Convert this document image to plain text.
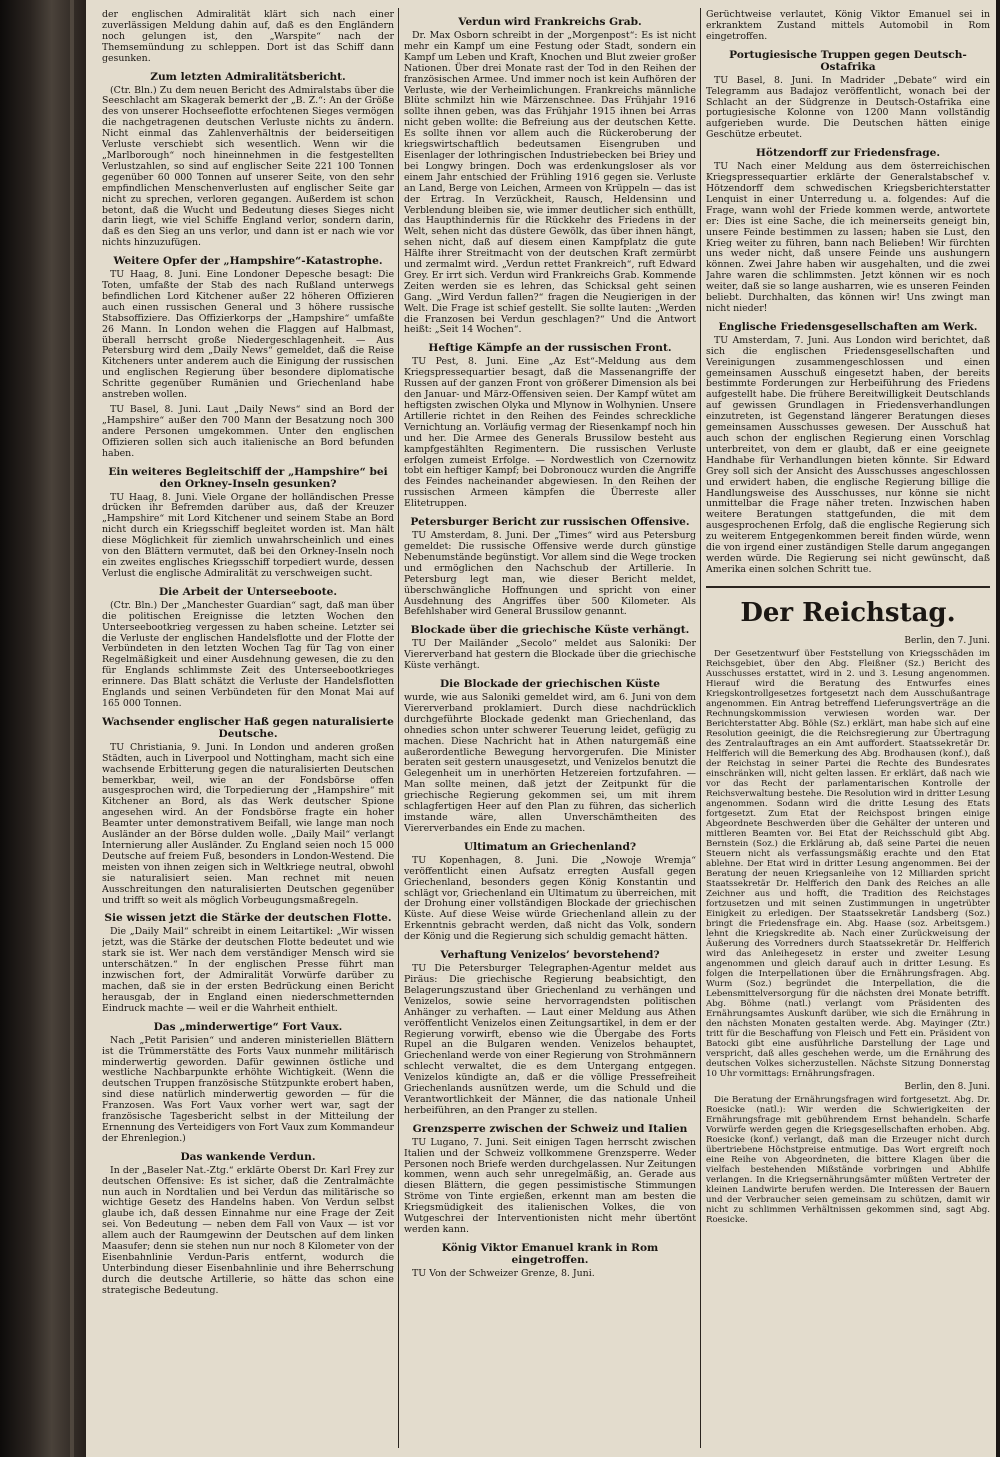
der englischen Admiralität klärt sich nach einer zuverlässigen Meldung dahin auf, daß es den Engländern noch gelungen ist, den „Warspite“ nach der Themsemündung zu schleppen. Dort ist das Schiff dann gesunken.

Zum letzten Admiralitätsbericht.

(Ctr. Bln.) Zu dem neuen Bericht des Admiralstabs über die Seeschlacht am Skagerak bemerkt der „B. Z.“: An der Größe des von unserer Hochseeflotte erfochtenen Sieges vermögen die nachgetragenen deutschen Verluste nichts zu ändern. Nicht einmal das Zahlenverhältnis der beiderseitigen Verluste verschiebt sich wesentlich. Wenn wir die „Marlborough“ noch hineinnehmen in die festgestellten Verlustzahlen, so sind auf englischer Seite 221 100 Tonnen gegenüber 60 000 Tonnen auf unserer Seite, von den sehr empfindlichen Menschenverlusten auf englischer Seite gar nicht zu sprechen, verloren gegangen. Außerdem ist schon betont, daß die Wucht und Bedeutung dieses Sieges nicht darin liegt, wie viel Schiffe England verlor, sondern darin, daß es den Sieg an uns verlor, und dann ist er nach wie vor nichts hinzuzufügen.

Weitere Opfer der „Hampshire“-Katastrophe.

TU Haag, 8. Juni. Eine Londoner Depesche besagt: Die Toten, umfaßte der Stab des nach Rußland unterwegs befindlichen Lord Kitchener außer 22 höheren Offizieren auch einen russischen General und 3 höhere russische Stabsoffiziere. Das Offizierkorps der „Hampshire“ umfaßte 26 Mann. In London wehen die Flaggen auf Halbmast, überall herrscht große Niedergeschlagenheit. — Aus Petersburg wird dem „Daily News“ gemeldet, daß die Reise Kitcheners unter anderem auch die Einigung der russischen und englischen Regierung über besondere diplomatische Schritte gegenüber Rumänien und Griechenland habe anstreben wollen.

TU Basel, 8. Juni. Laut „Daily News“ sind an Bord der „Hampshire“ außer den 700 Mann der Besatzung noch 300 andere Personen umgekommen. Unter den englischen Offizieren sollen sich auch italienische an Bord befunden haben.

Ein weiteres Begleitschiff der „Hampshire“ bei den Orkney-Inseln gesunken?

TU Haag, 8. Juni. Viele Organe der holländischen Presse drücken ihr Befremden darüber aus, daß der Kreuzer „Hampshire“ mit Lord Kitchener und seinem Stabe an Bord nicht durch ein Kriegsschiff begleitet worden ist. Man hält diese Möglichkeit für ziemlich unwahrscheinlich und eines von den Blättern vermutet, daß bei den Orkney-Inseln noch ein zweites englisches Kriegsschiff torpediert wurde, dessen Verlust die englische Admiralität zu verschweigen sucht.

Die Arbeit der Unterseeboote.

(Ctr. Bln.) Der „Manchester Guardian“ sagt, daß man über die politischen Ereignisse die letzten Wochen den Unterseebootkrieg vergessen zu haben scheine. Letzter sei die Verluste der englischen Handelsflotte und der Flotte der Verbündeten in den letzten Wochen Tag für Tag von einer Regelmäßigkeit und einer Ausdehnung gewesen, die zu den für Englands schlimmste Zeit des Unterseebootkrieges erinnere. Das Blatt schätzt die Verluste der Handelsflotten Englands und seinen Verbündeten für den Monat Mai auf 165 000 Tonnen.

Wachsender englischer Haß gegen naturalisierte Deutsche.

TU Christiania, 9. Juni. In London und anderen großen Städten, auch in Liverpool und Nottingham, macht sich eine wachsende Erbitterung gegen die naturalisierten Deutschen bemerkbar, weil, wie an der Fondsbörse offen ausgesprochen wird, die Torpedierung der „Hampshire“ mit Kitchener an Bord, als das Werk deutscher Spione angesehen wird. An der Fondsbörse fragte ein hoher Beamter unter demonstrativem Beifall, wie lange man noch Ausländer an der Börse dulden wolle. „Daily Mail“ verlangt Internierung aller Ausländer. Zu England seien noch 15 000 Deutsche auf freiem Fuß, besonders in London-Westend. Die meisten von ihnen zeigen sich in Weltkriege neutral, obwohl sie naturalisiert seien. Man rechnet mit neuen Ausschreitungen den naturalisierten Deutschen gegenüber und trifft so weit als möglich Vorbeugungsmaßregeln.

Sie wissen jetzt die Stärke der deutschen Flotte.

Die „Daily Mail“ schreibt in einem Leitartikel: „Wir wissen jetzt, was die Stärke der deutschen Flotte bedeutet und wie stark sie ist. Wer nach dem verständiger Mensch wird sie unterschätzen.“ In der englischen Presse führt man inzwischen fort, der Admiralität Vorwürfe darüber zu machen, daß sie in der ersten Bedrückung einen Bericht herausgab, der in England einen niederschmetternden Eindruck machte — weil er die Wahrheit enthielt.

Das „minderwertige“ Fort Vaux.

Nach „Petit Parisien“ und anderen ministeriellen Blättern ist die Trümmerstätte des Forts Vaux nunmehr militärisch minderwertig geworden. Dafür gewinnen östliche und westliche Nachbarpunkte erhöhte Wichtigkeit. (Wenn die deutschen Truppen französische Stützpunkte erobert haben, sind diese natürlich minderwertig geworden — für die Franzosen. Was Fort Vaux vorher wert war, sagt der französische Tagesbericht selbst in der Mitteilung der Ernennung des Verteidigers von Fort Vaux zum Kommandeur der Ehrenlegion.)

Das wankende Verdun.

In der „Baseler Nat.-Ztg.“ erklärte Oberst Dr. Karl Frey zur deutschen Offensive: Es ist sicher, daß die Zentralmächte nun auch in Nordtalien und bei Verdun das militärische so wichtige Gesetz des Handelns haben. Von Verdun selbst glaube ich, daß dessen Einnahme nur eine Frage der Zeit sei. Von Bedeutung — neben dem Fall von Vaux — ist vor allem auch der Raumgewinn der Deutschen auf dem linken Maasufer; denn sie stehen nun nur noch 8 Kilometer von der Eisenbahnlinie Verdun-Paris entfernt, wodurch die Unterbindung dieser Eisenbahnlinie und ihre Beherrschung durch die deutsche Artillerie, so hätte das schon eine strategische Bedeutung.

Verdun wird Frankreichs Grab.

Dr. Max Osborn schreibt in der „Morgenpost“: Es ist nicht mehr ein Kampf um eine Festung oder Stadt, sondern ein Kampf um Leben und Kraft, Knochen und Blut zweier großer Nationen. Über drei Monate rast der Tod in den Reihen der französischen Armee. Und immer noch ist kein Aufhören der Verluste, wie der Verheimlichungen. Frankreichs männliche Blüte schmilzt hin wie Märzenschnee. Das Frühjahr 1916 sollte ihnen geben, was das Frühjahr 1915 ihnen bei Arras nicht geben wollte: die Befreiung aus der deutschen Kette. Es sollte ihnen vor allem auch die Rückeroberung der kriegswirtschaftlich bedeutsamen Eisengruben und Eisenlager der lothringischen Industriebecken bei Briey und bei Longwy bringen. Doch was erdenkungsloser als vor einem Jahr entschied der Frühling 1916 gegen sie. Verluste an Land, Berge von Leichen, Armeen von Krüppeln — das ist der Ertrag. In Verzückheit, Rausch, Heldensinn und Verblendung bleiben sie, wie immer deutlicher sich enthüllt, das Haupthindernis für die Rückkehr des Friedens in der Welt, sehen nicht das düstere Gewölk, das über ihnen hängt, sehen nicht, daß auf diesem einen Kampfplatz die gute Hälfte ihrer Streitmacht von der deutschen Kraft zermürbt und zermalmt wird. „Verdun rettet Frankreich“, ruft Edward Grey. Er irrt sich. Verdun wird Frankreichs Grab. Kommende Zeiten werden sie es lehren, das Schicksal geht seinen Gang. „Wird Verdun fallen?“ fragen die Neugierigen in der Welt. Die Frage ist schief gestellt. Sie sollte lauten: „Werden die Franzosen bei Verdun geschlagen?“ Und die Antwort heißt: „Seit 14 Wochen“.

Heftige Kämpfe an der russischen Front.

TU Pest, 8. Juni. Eine „Az Est“-Meldung aus dem Kriegspressequartier besagt, daß die Massenangriffe der Russen auf der ganzen Front von größerer Dimension als bei den Januar- und März-Offensiven seien. Der Kampf wütet am heftigsten zwischen Olyka und Mlynow in Wolhynien. Unsere Artillerie richtet in den Reihen des Feindes schreckliche Vernichtung an. Vorläufig vermag der Riesenkampf noch hin und her. Die Armee des Generals Brussilow besteht aus kampfgestählten Regimentern. Die russischen Verluste erfolgen zumeist Erfolge. — Nordwestlich von Czernowitz tobt ein heftiger Kampf; bei Dobronoucz wurden die Angriffe des Feindes nacheinander abgewiesen. In den Reihen der russischen Armeen kämpfen die Überreste aller Elitetruppen.

Petersburger Bericht zur russischen Offensive.

TU Amsterdam, 8. Juni. Der „Times“ wird aus Petersburg gemeldet: Die russische Offensive werde durch günstige Nebenumstände begünstigt. Vor allem sind die Wege trocken und ermöglichen den Nachschub der Artillerie. In Petersburg legt man, wie dieser Bericht meldet, überschwängliche Hoffnungen und spricht von einer Ausdehnung des Angriffes über 500 Kilometer. Als Befehlshaber wird General Brussilow genannt.

Blockade über die griechische Küste verhängt.

TU Der Mailänder „Secolo“ meldet aus Saloniki: Der Viererverband hat gestern die Blockade über die griechische Küste verhängt.

Die Blockade der griechischen Küste

wurde, wie aus Saloniki gemeldet wird, am 6. Juni von dem Viererverband proklamiert. Durch diese nachdrücklich durchgeführte Blockade gedenkt man Griechenland, das ohnedies schon unter schwerer Teuerung leidet, gefügig zu machen. Diese Nachricht hat in Athen naturgemäß eine außerordentliche Bewegung hervorgerufen. Die Minister beraten seit gestern unausgesetzt, und Venizelos benutzt die Gelegenheit um in unerhörten Hetzereien fortzufahren. — Man sollte meinen, daß jetzt der Zeitpunkt für die griechische Regierung gekommen sei, um mit ihrem schlagfertigen Heer auf den Plan zu führen, das sicherlich imstande wäre, allen Unverschämtheiten des Viererverbandes ein Ende zu machen.

Ultimatum an Griechenland?

TU Kopenhagen, 8. Juni. Die „Nowoje Wremja“ veröffentlicht einen Aufsatz erregten Ausfall gegen Griechenland, besonders gegen König Konstantin und schlägt vor, Griechenland ein Ultimatum zu überreichen, mit der Drohung einer vollständigen Blockade der griechischen Küste. Auf diese Weise würde Griechenland allein zu der Erkenntnis gebracht werden, daß nicht das Volk, sondern der König und die Regierung sich schuldig gemacht hätten.

Verhaftung Venizelos’ bevorstehend?

TU Die Petersburger Telegraphen-Agentur meldet aus Piräus: Die griechische Regierung beabsichtigt, den Belagerungszustand über Griechenland zu verhängen und Venizelos, sowie seine hervorragendsten politischen Anhänger zu verhaften. — Laut einer Meldung aus Athen veröffentlicht Venizelos einen Zeitungsartikel, in dem er der Regierung vorwirft, ebenso wie die Übergabe des Forts Rupel an die Bulgaren wenden. Venizelos behauptet, Griechenland werde von einer Regierung von Strohmännern schlecht verwaltet, die es dem Untergang entgegen. Venizelos kündigte an, daß er die völlige Pressefreiheit Griechenlands ausnützen werde, um die Schuld und die Verantwortlichkeit der Männer, die das nationale Unheil herbeiführen, an den Pranger zu stellen.

Grenzsperre zwischen der Schweiz und Italien

TU Lugano, 7. Juni. Seit einigen Tagen herrscht zwischen Italien und der Schweiz vollkommene Grenzsperre. Weder Personen noch Briefe werden durchgelassen. Nur Zeitungen kommen, wenn auch sehr unregelmäßig, an. Gerade aus diesen Blättern, die gegen pessimistische Stimmungen Ströme von Tinte ergießen, erkennt man am besten die Kriegsmüdigkeit des italienischen Volkes, die von Wutgeschrei der Interventionisten nicht mehr übertönt werden kann.

König Viktor Emanuel krank in Rom eingetroffen.

TU Von der Schweizer Grenze, 8. Juni.

Gerüchtweise verlautet, König Viktor Emanuel sei in erkranktem Zustand mittels Automobil in Rom eingetroffen.

Portugiesische Truppen gegen Deutsch-Ostafrika

TU Basel, 8. Juni. In Madrider „Debate“ wird ein Telegramm aus Badajoz veröffentlicht, wonach bei der Schlacht an der Südgrenze in Deutsch-Ostafrika eine portugiesische Kolonne von 1200 Mann vollständig aufgerieben wurde. Die Deutschen hätten einige Geschütze erbeutet.

Hötzendorff zur Friedensfrage.

TU Nach einer Meldung aus dem österreichischen Kriegspressequartier erklärte der Generalstabschef v. Hötzendorff dem schwedischen Kriegsberichterstatter Lenquist in einer Unterredung u. a. folgendes: Auf die Frage, wann wohl der Friede kommen werde, antwortete er: Dies ist eine Sache, die ich meinerseits geneigt bin, unsere Feinde bestimmen zu lassen; haben sie Lust, den Krieg weiter zu führen, bann nach Belieben! Wir fürchten uns weder nicht, daß unsere Feinde uns aushungern können. Zwei Jahre haben wir ausgehalten, und die zwei Jahre waren die schlimmsten. Jetzt können wir es noch weiter, daß sie so lange ausharren, wie es unseren Feinden beliebt. Durchhalten, das können wir! Uns zwingt man nicht nieder!

Englische Friedensgesellschaften am Werk.

TU Amsterdam, 7. Juni. Aus London wird berichtet, daß sich die englischen Friedensgesellschaften und Vereinigungen zusammengeschlossen und einen gemeinsamen Ausschuß eingesetzt haben, der bereits bestimmte Forderungen zur Herbeiführung des Friedens aufgestellt habe. Die frühere Bereitwilligkeit Deutschlands auf gewissen Grundlagen in Friedensverhandlungen einzutreten, ist Gegenstand längerer Beratungen dieses gemeinsamen Ausschusses gewesen. Der Ausschuß hat auch schon der englischen Regierung einen Vorschlag unterbreitet, von dem er glaubt, daß er eine geeignete Handhabe für Verhandlungen bieten könnte. Sir Edward Grey soll sich der Ansicht des Ausschusses angeschlossen und erwidert haben, die englische Regierung billige die Handlungsweise des Ausschusses, nur könne sie nicht unmittelbar die Frage näher treten. Inzwischen haben weitere Beratungen stattgefunden, die mit dem ausgesprochenen Erfolg, daß die englische Regierung sich zu weiterem Entgegenkommen bereit finden würde, wenn die von irgend einer zuständigen Stelle darum angegangen werden würde. Die Regierung sei nicht gewünscht, daß Amerika einen solchen Schritt tue.

Der Reichstag.
Berlin, den 7. Juni.

Der Gesetzentwurf über Feststellung von Kriegsschäden im Reichsgebiet, über den Abg. Fleißner (Sz.) Bericht des Ausschusses erstattet, wird in 2. und 3. Lesung angenommen. Hierauf wird die Beratung des Entwurfes eines Kriegskontrollgesetzes fortgesetzt nach dem Ausschußantrage angenommen. Ein Antrag betreffend Lieferungsverträge an die Rechnungskommission verwiesen worden war. Der Berichterstatter Abg. Böhle (Sz.) erklärt, man habe sich auf eine Resolution geeinigt, die die Reichsregierung zur Übertragung des Zentralauftrages an ein Amt auffordert. Staatssekretär Dr. Helfferich will die Bemerkung des Abg. Brodhausen (konf.), daß der Reichstag in seiner Partei die Rechte des Bundesrates einschränken will, nicht gelten lassen. Er erklärt, daß nach wie vor das Recht der parlamentarischen Kontrolle der Reichsverwaltung bestehe. Die Resolution wird in dritter Lesung angenommen. Sodann wird die dritte Lesung des Etats fortgesetzt. Zum Etat der Reichspost bringen einige Abgeordnete Beschwerden über die Gehälter der unteren und mittleren Beamten vor. Bei Etat der Reichsschuld gibt Abg. Bernstein (Soz.) die Erklärung ab, daß seine Partei die neuen Steuern nicht als verfassungsmäßig erachte und den Etat ablehne. Der Etat wird in dritter Lesung angenommen. Bei der Beratung der neuen Kriegsanleihe von 12 Milliarden spricht Staatssekretär Dr. Helfferich den Dank des Reiches an alle Zeichner aus und hofft, die Tradition des Reichstages fortzusetzen und mit seinen Zustimmungen in ungetrübter Einigkeit zu erledigen. Der Staatssekretär Landsberg (Soz.) bringt die Friedensfrage ein. Abg. Haase (soz. Arbeitsgem.) lehnt die Kriegskredite ab. Nach einer Zurückweisung der Äußerung des Vorredners durch Staatssekretär Dr. Helfferich wird das Anleihegesetz in erster und zweiter Lesung angenommen und gleich darauf auch in dritter Lesung. Es folgen die Interpellationen über die Ernährungsfragen. Abg. Wurm (Soz.) begründet die Interpellation, die die Lebensmittelversorgung für die nächsten drei Monate betrifft. Abg. Böhme (natl.) verlangt vom Präsidenten des Ernährungsamtes Auskunft darüber, wie sich die Ernährung in den nächsten Monaten gestalten werde. Abg. Mayinger (Ztr.) tritt für die Beschaffung von Fleisch und Fett ein. Präsident von Batocki gibt eine ausführliche Darstellung der Lage und verspricht, daß alles geschehen werde, um die Ernährung des deutschen Volkes sicherzustellen. Nächste Sitzung Donnerstag 10 Uhr vormittags: Ernährungsfragen.

Berlin, den 8. Juni.

Die Beratung der Ernährungsfragen wird fortgesetzt. Abg. Dr. Roesicke (natl.): Wir werden die Schwierigkeiten der Ernährungsfrage mit gebührendem Ernst behandeln. Scharfe Vorwürfe werden gegen die Kriegsgesellschaften erhoben. Abg. Roesicke (konf.) verlangt, daß man die Erzeuger nicht durch übertriebene Höchstpreise entmutige. Das Wort ergreift noch eine Reihe von Abgeordneten, die bittere Klagen über die vielfach bestehenden Mißstände vorbringen und Abhilfe verlangen. In die Kriegsernährungsämter müßten Vertreter der kleinen Landwirte berufen werden. Die Interessen der Bauern und der Verbraucher seien gemeinsam zu schützen, damit wir nicht zu schlimmen Verhältnissen gekommen sind, sagt Abg. Roesicke.
